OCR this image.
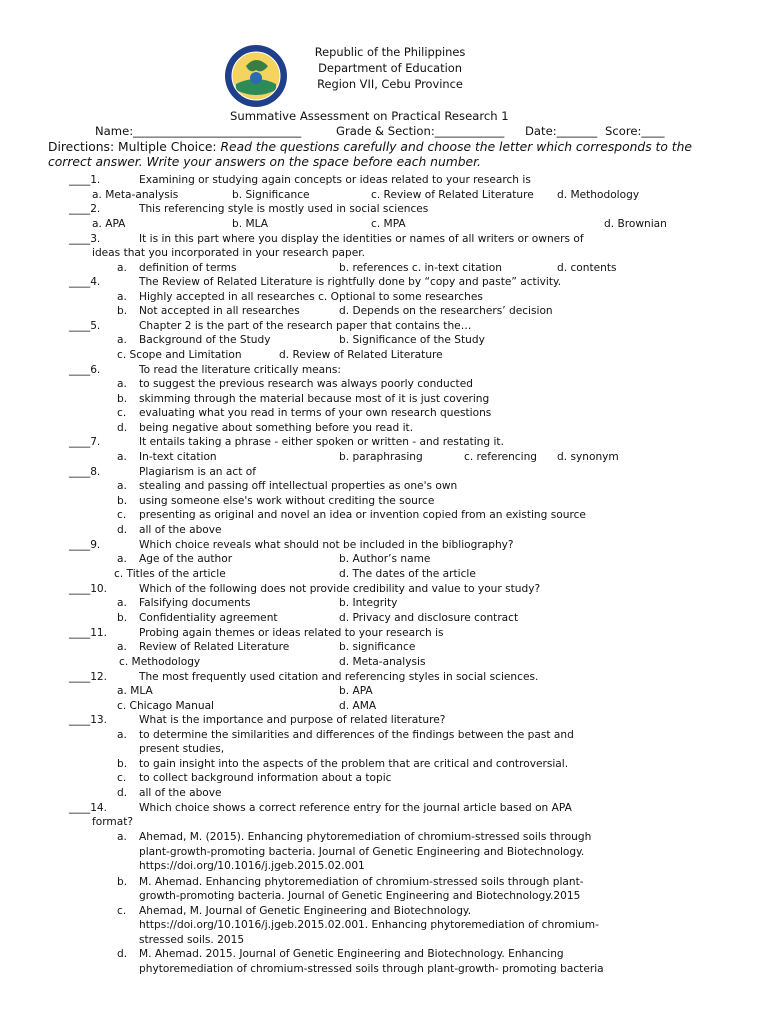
Republic of the Philippines
Department of Education
Region VII, Cebu Province
Summative Assessment on Practical Research 1
Name:_____________________________	Grade & Section:____________ Date:_______ Score:____
Directions: Multiple Choice: Read the questions carefully and choose the letter which corresponds to the
correct answer. Write your answers on the space before each number.
____1.	Examining or studying again concepts or ideas related to your research is
a. Meta-analysis	b. Significance	c. Review of Related Literature d. Methodology
____2.	This referencing style is mostly used in social sciences
a. APA	b. MLA	c. MPA	d. Brownian
____3.	It is in this part where you display the identities or names of all writers or owners of
ideas that you incorporated in your research paper.
a. definition of terms	b. references c. in-text citation	d. contents
____4.	The Review of Related Literature is rightfully done by “copy and paste” activity.
a. Highly accepted in all researches c. Optional to some researches
b. Not accepted in all researches	d. Depends on the researchers’ decision
____5.	Chapter 2 is the part of the research paper that contains the…
a. Background of the Study	b. Significance of the Study
c. Scope and Limitation	d. Review of Related Literature
____6.	To read the literature critically means:
a. to suggest the previous research was always poorly conducted
b. skimming through the material because most of it is just covering
c. evaluating what you read in terms of your own research questions
d. being negative about something before you read it.
____7.	It entails taking a phrase - either spoken or written - and restating it.
a. In-text citation	b. paraphrasing	c. referencing d. synonym
____8.	Plagiarism is an act of
a. stealing and passing off intellectual properties as one's own
b. using someone else's work without crediting the source
c. presenting as original and novel an idea or invention copied from an existing source
d. all of the above
____9.	Which choice reveals what should not be included in the bibliography?
a. Age of the author	b. Author’s name
c. Titles of the article	d. The dates of the article
____10.	Which of the following does not provide credibility and value to your study?
a. Falsifying documents	b. Integrity
b. Confidentiality agreement	d. Privacy and disclosure contract
____11.	Probing again themes or ideas related to your research is
a. Review of Related Literature	b. significance
c. Methodology	d. Meta-analysis
____12.	The most frequently used citation and referencing styles in social sciences.
a. MLA	b. APA
c. Chicago Manual	d. AMA
____13.	What is the importance and purpose of related literature?
a. to determine the similarities and differences of the findings between the past and
present studies,
b. to gain insight into the aspects of the problem that are critical and controversial.
c. to collect background information about a topic
d. all of the above
____14.	Which choice shows a correct reference entry for the journal article based on APA
format?
a. Ahemad, M. (2015). Enhancing phytoremediation of chromium-stressed soils through
plant-growth-promoting bacteria. Journal of Genetic Engineering and Biotechnology.
https://doi.org/10.1016/j.jgeb.2015.02.001
b. M. Ahemad. Enhancing phytoremediation of chromium-stressed soils through plant-
growth-promoting bacteria. Journal of Genetic Engineering and Biotechnology.2015
c. Ahemad, M. Journal of Genetic Engineering and Biotechnology.
https://doi.org/10.1016/j.jgeb.2015.02.001. Enhancing phytoremediation of chromium-
stressed soils. 2015
d. M. Ahemad. 2015. Journal of Genetic Engineering and Biotechnology. Enhancing
phytoremediation of chromium-stressed soils through plant-growth- promoting bacteria
